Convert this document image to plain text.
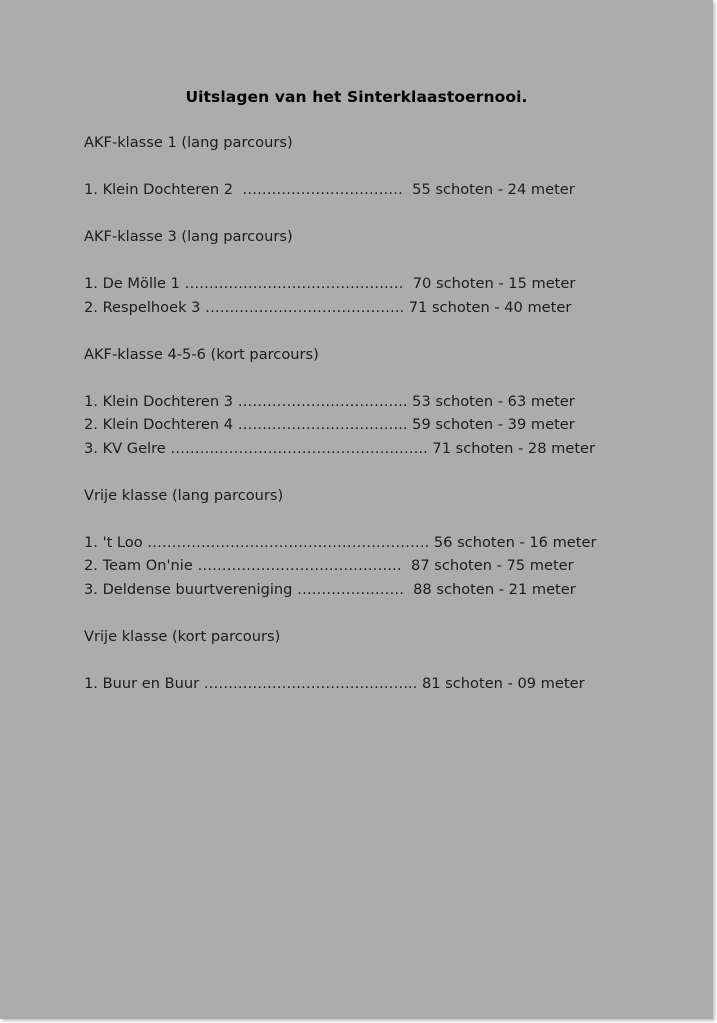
Uitslagen van het Sinterklaastoernooi.
AKF-klasse 1 (lang parcours)
1. Klein Dochteren 2  ……………………………  55 schoten - 24 meter
AKF-klasse 3 (lang parcours)
1. De Mölle 1 ………………………………………  70 schoten - 15 meter
2. Respelhoek 3 ………………………………….. 71 schoten - 40 meter
AKF-klasse 4-5-6 (kort parcours)
1. Klein Dochteren 3 …………………………….. 53 schoten - 63 meter
2. Klein Dochteren 4 …………………………….. 59 schoten - 39 meter
3. KV Gelre …………………………………………….. 71 schoten - 28 meter
Vrije klasse (lang parcours)
1. 't Loo …………………………………………………. 56 schoten - 16 meter
2. Team On'nie ……………………………………  87 schoten - 75 meter
3. Deldense buurtvereniging ………………….  88 schoten - 21 meter
Vrije klasse (kort parcours)
1. Buur en Buur …………………………………….. 81 schoten - 09 meter
